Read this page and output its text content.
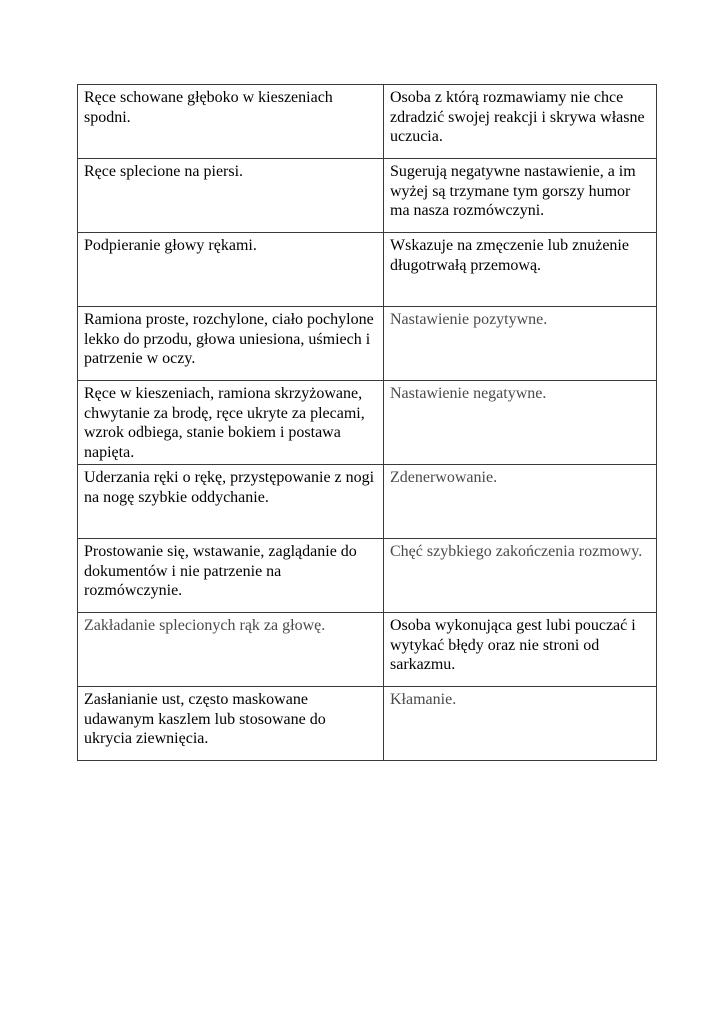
Ręce schowane głęboko w kieszeniach spodni.	Osoba z którą rozmawiamy nie chce zdradzić swojej reakcji i skrywa własne uczucia.
Ręce splecione na piersi.	Sugerują negatywne nastawienie, a im wyżej są trzymane tym gorszy humor ma nasza rozmówczyni.
Podpieranie głowy rękami.	Wskazuje na zmęczenie lub znużenie długotrwałą przemową.
Ramiona proste, rozchylone, ciało pochylone lekko do przodu, głowa uniesiona, uśmiech i patrzenie w oczy.	Nastawienie pozytywne.
Ręce w kieszeniach, ramiona skrzyżowane, chwytanie za brodę, ręce ukryte za plecami, wzrok odbiega, stanie bokiem i postawa napięta.	Nastawienie negatywne.
Uderzania ręki o rękę, przystępowanie z nogi na nogę szybkie oddychanie.	Zdenerwowanie.
Prostowanie się, wstawanie, zaglądanie do dokumentów i nie patrzenie na rozmówczynie.	Chęć szybkiego zakończenia rozmowy.
Zakładanie splecionych rąk za głowę.	Osoba wykonująca gest lubi pouczać i wytykać błędy oraz nie stroni od sarkazmu.
Zasłanianie ust, często maskowane udawanym kaszlem lub stosowane do ukrycia ziewnięcia.	Kłamanie.
